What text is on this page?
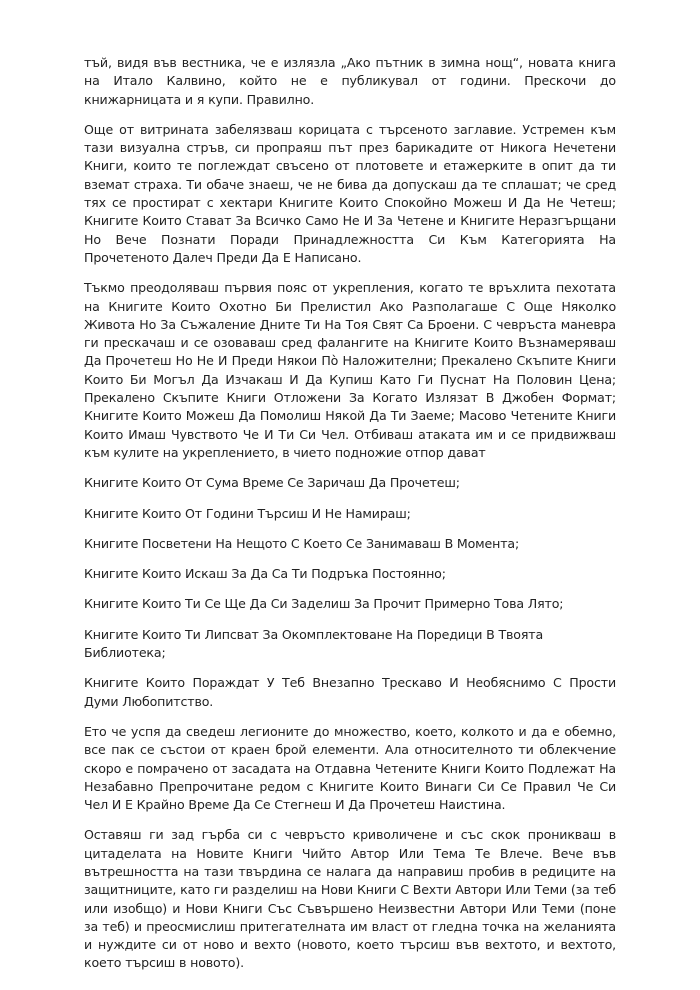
тъй, видя във вестника, че е излязла „Ако пътник в зимна нощ“, новата книга на Итало Калвино, който не е публикувал от години. Прескочи до книжарницата и я купи. Правилно.

Още от витрината забелязваш корицата с търсеното заглавие. Устремен към тази визуална стръв, си пропраяш път през барикадите от Никога Нечетени Книги, които те поглеждат свъсено от плотовете и етажерките в опит да ти вземат страха. Ти обаче знаеш, че не бива да допускаш да те сплашат; че сред тях се простират с хектари Книгите Които Спокойно Можеш И Да Не Четеш; Книгите Които Стават За Всичко Само Не И За Четене и Книгите Неразгърщани Но Вече Познати Поради Принадлежността Си Към Категорията На Прочетеното Далеч Преди Да Е Написано.

Тъкмо преодоляваш първия пояс от укрепления, когато те връхлита пехотата на Книгите Които Охотно Би Прелистил Ако Разполагаше С Още Няколко Живота Но За Съжаление Дните Ти На Тоя Свят Са Броени. С чевръста маневра ги прескачаш и се озоваваш сред фалангите на Книгите Които Възнамеряваш Да Прочетеш Но Не И Преди Някои Пò Наложителни; Прекалено Скъпите Книги Които Би Могъл Да Изчакаш И Да Купиш Като Ги Пуснат На Половин Цена; Прекалено Скъпите Книги Отложени За Когато Излязат В Джобен Формат; Книгите Които Можеш Да Помолиш Някой Да Ти Заеме; Масово Четените Книги Които Имаш Чувството Че И Ти Си Чел. Отбиваш атаката им и се придвижваш към кулите на укреплението, в чието подножие отпор дават

Книгите Които От Сума Време Се Заричаш Да Прочетеш;

Книгите Които От Години Търсиш И Не Намираш;

Книгите Посветени На Нещото С Което Се Занимаваш В Момента;

Книгите Които Искаш За Да Са Ти Подръка Постоянно;

Книгите Които Ти Се Ще Да Си Заделиш За Прочит Примерно Това Лято;

Книгите Които Ти Липсват За Окомплектоване На Поредици В Твоята Библиотека;

Книгите Които Пораждат У Теб Внезапно Трескаво И Необяснимо С Прости Думи Любопитство.

Ето че успя да сведеш легионите до множество, което, колкото и да е обемно, все пак се състои от краен брой елементи. Ала относителното ти облекчение скоро е помрачено от засадата на Отдавна Четените Книги Които Подлежат На Незабавно Препрочитане редом с Книгите Които Винаги Си Се Правил Че Си Чел И Е Крайно Време Да Се Стегнеш И Да Прочетеш Наистина.

Оставяш ги зад гърба си с чевръсто криволичене и със скок проникваш в цитаделата на Новите Книги Чийто Автор Или Тема Те Влече. Вече във вътрешността на тази твърдина се налага да направиш пробив в редиците на защитниците, като ги разделиш на Нови Книги С Вехти Автори Или Теми (за теб или изобщо) и Нови Книги Със Съвършено Неизвестни Автори Или Теми (поне за теб) и преосмислиш притегателната им власт от гледна точка на желанията и нуждите си от ново и вехто (новото, което търсиш във вехтото, и вехтото, което търсиш в новото).
